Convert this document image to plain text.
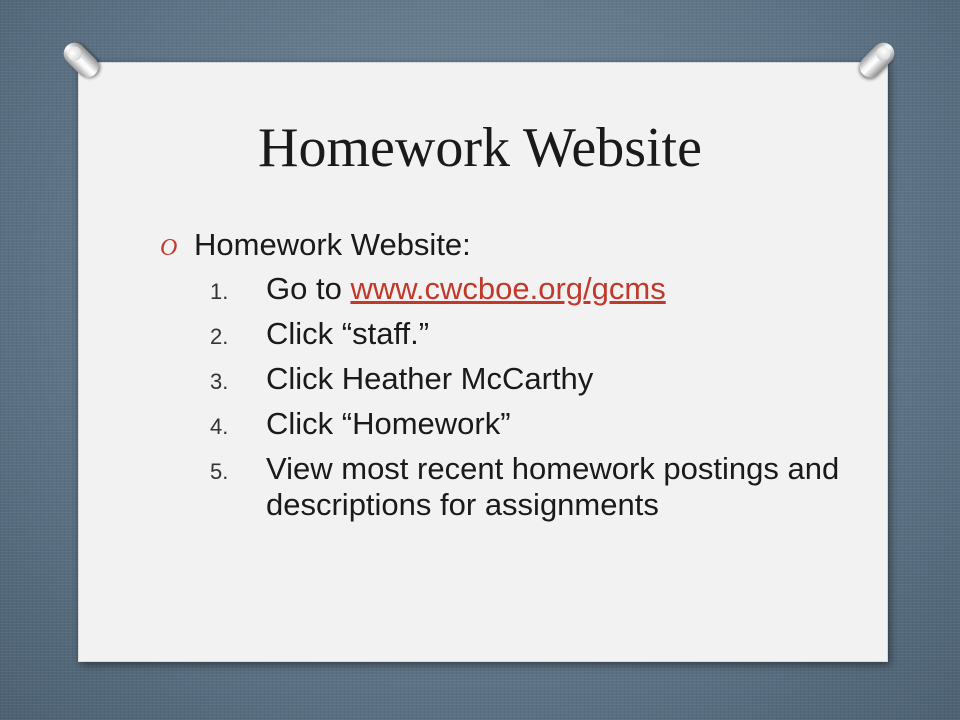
Homework Website
O Homework Website:
1.	Go to www.cwcboe.org/gcms
2.	Click “staff.”
3.	Click Heather McCarthy
4.	Click “Homework”
5.	View most recent homework postings and descriptions for assignments
